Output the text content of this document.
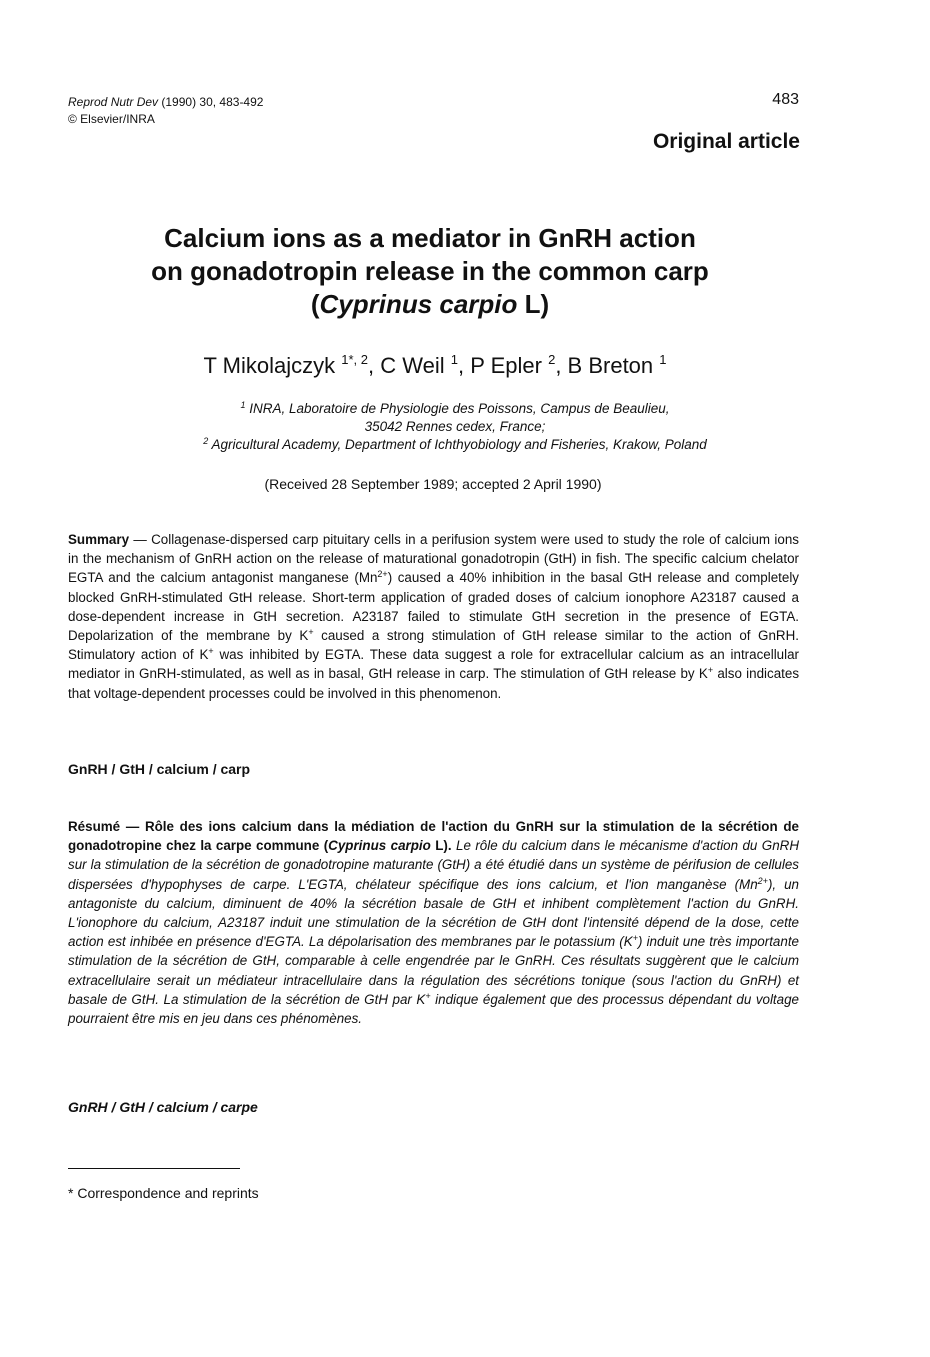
Reprod Nutr Dev (1990) 30, 483-492
© Elsevier/INRA
483
Original article
Calcium ions as a mediator in GnRH action
on gonadotropin release in the common carp
(Cyprinus carpio L)
T Mikolajczyk $^{1*, 2}$, C Weil $^1$, P Epler $^2$, B Breton $^1$
$^1$ INRA, Laboratoire de Physiologie des Poissons, Campus de Beaulieu,
35042 Rennes cedex, France;
$^2$ Agricultural Academy, Department of Ichthyobiology and Fisheries, Krakow, Poland
(Received 28 September 1989; accepted 2 April 1990)
Summary — Collagenase-dispersed carp pituitary cells in a perifusion system were used to study the role of calcium ions in the mechanism of GnRH action on the release of maturational gonadotropin (GtH) in fish. The specific calcium chelator EGTA and the calcium antagonist manganese $(Mn^{2+})$ caused a 40% inhibition in the basal GtH release and completely blocked GnRH-stimulated GtH release. Short-term application of graded doses of calcium ionophore A23187 caused a dose-dependent increase in GtH secretion. A23187 failed to stimulate GtH secretion in the presence of EGTA. Depolarization of the membrane by K+ caused a strong stimulation of GtH release similar to the action of GnRH. Stimulatory action of K+ was inhibited by EGTA. These data suggest a role for extracellular calcium as an intracellular mediator in GnRH-stimulated, as well as in basal, GtH release in carp. The stimulation of GtH release by K+ also indicates that voltage-dependent processes could be involved in this phenomenon.
GnRH / GtH / calcium / carp
Résumé — Rôle des ions calcium dans la médiation de l'action du GnRH sur la stimulation de la sécrétion de gonadotropine chez la carpe commune (Cyprinus carpio L). Le rôle du calcium dans le mécanisme d'action du GnRH sur la stimulation de la sécrétion de gonadotropine maturante (GtH) a été étudié dans un système de périfusion de cellules dispersées d'hypophyses de carpe. L'EGTA, chélateur spécifique des ions calcium, et l'ion manganèse $(Mn^{2+})$, un antagoniste du calcium, diminuent de 40% la sécrétion basale de GtH et inhibent complètement l'action du GnRH. L'ionophore du calcium, A23187 induit une stimulation de la sécrétion de GtH dont l'intensité dépend de la dose, cette action est inhibée en présence d'EGTA. La dépolarisation des membranes par le potassium (K+) induit une très importante stimulation de la sécrétion de GtH, comparable à celle engendrée par le GnRH. Ces résultats suggèrent que le calcium extracellulaire serait un médiateur intracellulaire dans la régulation des sécrétions tonique (sous l'action du GnRH) et basale de GtH. La stimulation de la sécrétion de GtH par K+ indique également que des processus dépendant du voltage pourraient être mis en jeu dans ces phénomènes.
GnRH / GtH / calcium / carpe
* Correspondence and reprints
